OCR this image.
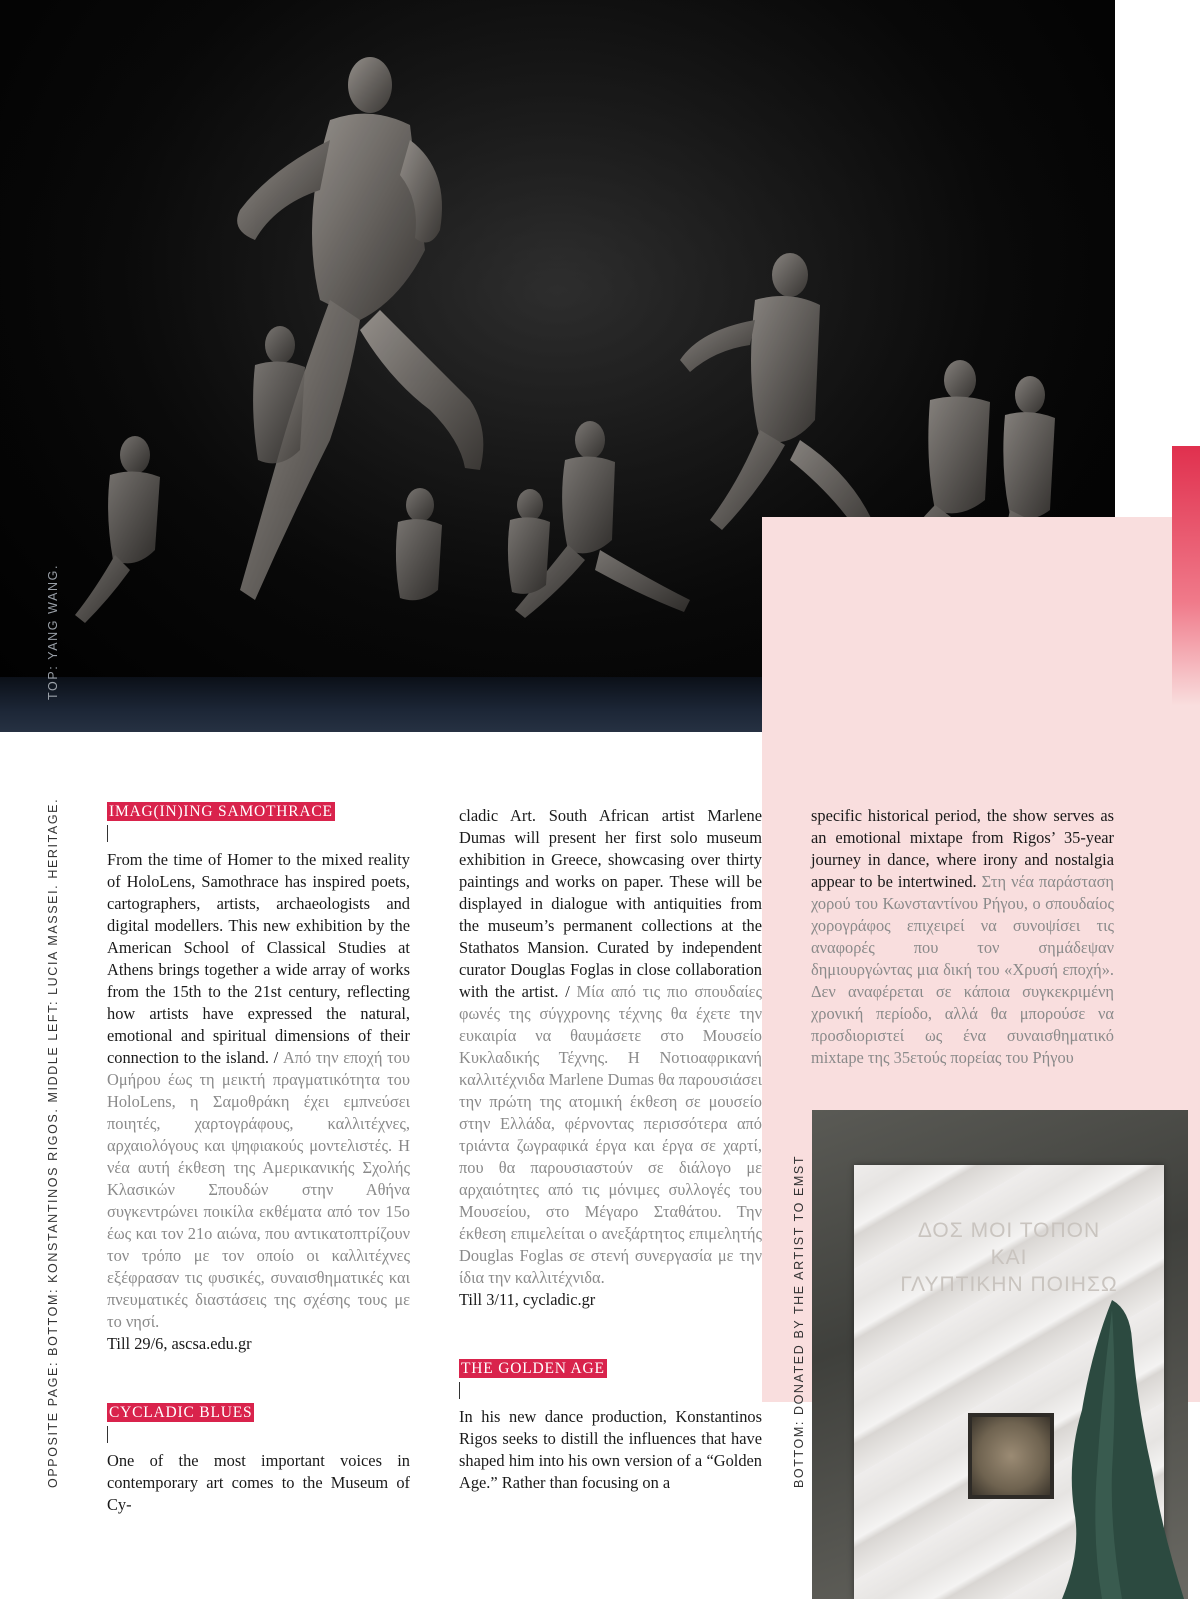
TOP: YANG WANG.
OPPOSITE PAGE: BOTTOM: KONSTANTINOS RIGOS. MIDDLE LEFT: LUCIA MASSEI. HERITAGE.	BOTTOM: DONATED BY THE ARTIST TO EMST
IMAG(IN)ING SAMOTHRACE

From the time of Homer to the mixed reality of HoloLens, Samothrace has inspired poets, cartographers, artists, archaeologists and digital modellers. This new exhibition by the American School of Classical Studies at Athens brings together a wide array of works from the 15th to the 21st century, reflecting how artists have expressed the natural, emotional and spiritual dimensions of their connection to the island. / Από την εποχή του Ομήρου έως τη μεικτή πραγματικότητα του HoloLens, η Σαμοθράκη έχει εμπνεύσει ποιητές, χαρτογράφους, καλλιτέχνες, αρχαιολόγους και ψηφιακούς μοντελιστές. Η νέα αυτή έκθεση της Αμερικανικής Σχολής Κλασικών Σπουδών στην Αθήνα συγκεντρώνει ποικίλα εκθέματα από τον 15ο έως και τον 21ο αιώνα, που αντικατοπτρίζουν τον τρόπο με τον οποίο οι καλλιτέχνες εξέφρασαν τις φυσικές, συναισθηματικές και πνευματικές διαστάσεις της σχέσης τους με το νησί.

Till 29/6, ascsa.edu.gr

CYCLADIC BLUES

One of the most important voices in contemporary art comes to the Museum of Cy-

cladic Art. South African artist Marlene Dumas will present her first solo museum exhibition in Greece, showcasing over thirty paintings and works on paper. These will be displayed in dialogue with antiquities from the museum’s permanent collections at the Stathatos Mansion. Curated by independent curator Douglas Foglas in close collaboration with the artist. / Μία από τις πιο σπουδαίες φωνές της σύγχρονης τέχνης θα έχετε την ευκαιρία να θαυμάσετε στο Μουσείο Κυκλαδικής Τέχνης. Η Νοτιοαφρικανή καλλιτέχνιδα Marlene Dumas θα παρουσιάσει την πρώτη της ατομική έκθεση σε μουσείο στην Ελλάδα, φέρνοντας περισσότερα από τριάντα ζωγραφικά έργα και έργα σε χαρτί, που θα παρουσιαστούν σε διάλογο με αρχαιότητες από τις μόνιμες συλλογές του Μουσείου, στο Μέγαρο Σταθάτου. Την έκθεση επιμελείται ο ανεξάρτητος επιμελητής Douglas Foglas σε στενή συνεργασία με την ίδια την καλλιτέχνιδα.

Till 3/11, cycladic.gr

THE GOLDEN AGE

In his new dance production, Konstantinos Rigos seeks to distill the influences that have shaped him into his own version of a “Golden Age.” Rather than focusing on a

specific historical period, the show serves as an emotional mixtape from Rigos’ 35-year journey in dance, where irony and nostalgia appear to be intertwined. Στη νέα παράσταση χορού του Κωνσταντίνου Ρήγου, ο σπουδαίος χορογράφος επιχειρεί να συνοψίσει τις αναφορές που τον σημάδεψαν δημιουργώντας μια δική του «Χρυσή εποχή». Δεν αναφέρεται σε κάποια συγκεκριμένη χρονική περίοδο, αλλά θα μπορούσε να προσδιοριστεί ως ένα συναισθηματικό mixtape της 35ετούς πορείας του Ρήγου

ΔΟΣ ΜΟΙ ΤΟΠΟΝ
ΚΑΙ
ΓΛΥΠΤΙΚΗΝ ΠΟΙΗΣΩ
